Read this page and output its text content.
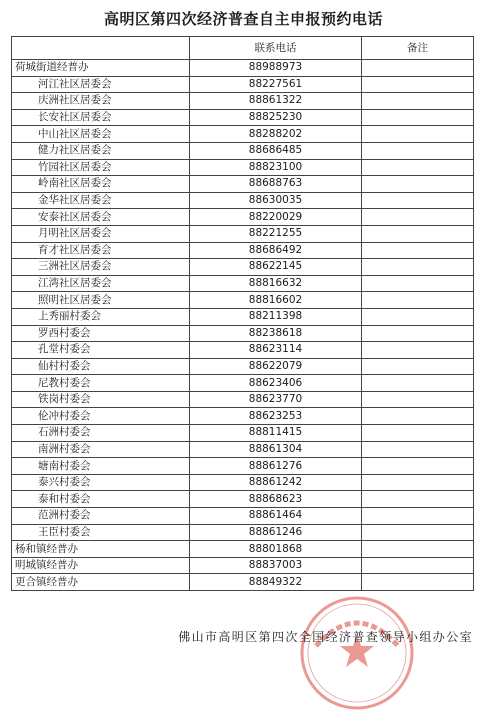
高明区第四次经济普查自主申报预约电话
	联系电话	备注
荷城街道经普办	88988973	
河江社区居委会	88227561	
庆洲社区居委会	88861322	
长安社区居委会	88825230	
中山社区居委会	88288202	
健力社区居委会	88686485	
竹园社区居委会	88823100	
岭南社区居委会	88688763	
金华社区居委会	88630035	
安泰社区居委会	88220029	
月明社区居委会	88221255	
育才社区居委会	88686492	
三洲社区居委会	88622145	
江湾社区居委会	88816632	
照明社区居委会	88816602	
上秀丽村委会	88211398	
罗西村委会	88238618	
孔堂村委会	88623114	
仙村村委会	88622079	
尼教村委会	88623406	
铁岗村委会	88623770	
伦冲村委会	88623253	
石洲村委会	88811415	
南洲村委会	88861304	
塘南村委会	88861276	
泰兴村委会	88861242	
泰和村委会	88868623	
范洲村委会	88861464	
王臣村委会	88861246	
杨和镇经普办	88801868	
明城镇经普办	88837003	
更合镇经普办	88849322	
佛山市高明区第四次全国经济普查领导小组办公室
